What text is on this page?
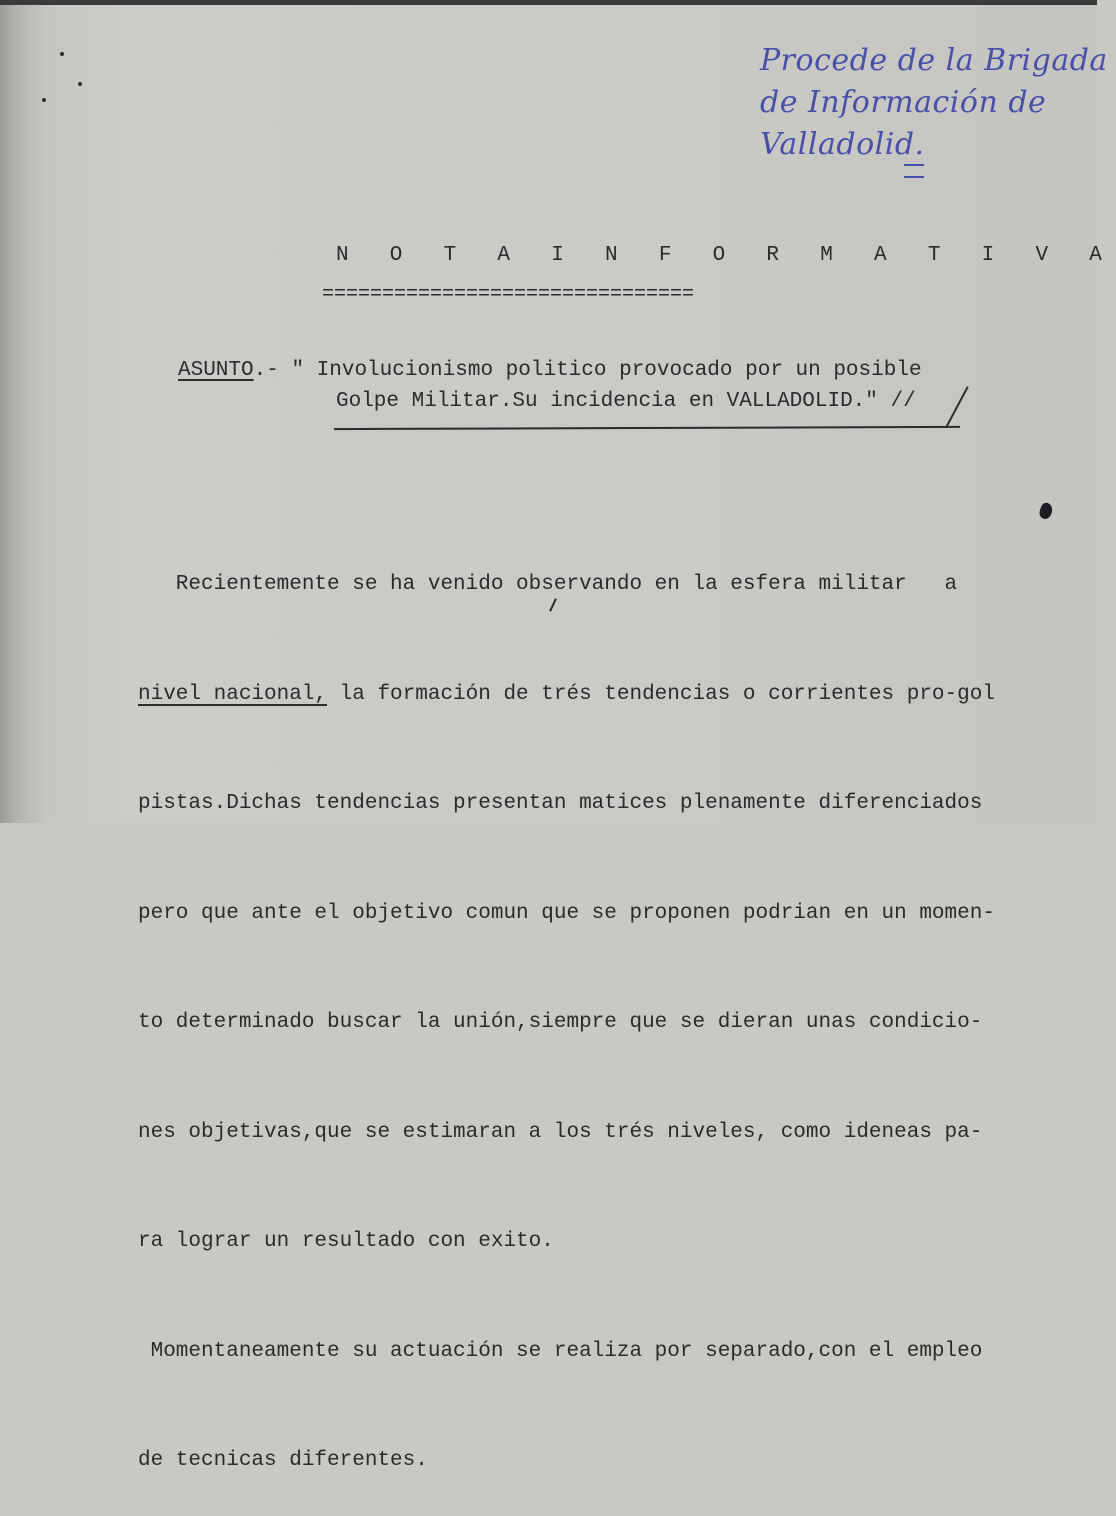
Procede de la Brigada
de Información de
Valladolid.
N O T A I N F O R M A T I V A
===============================
ASUNTO.- " Involucionismo politico provocado por un posible
Golpe Militar.Su incidencia en VALLADOLID." //

Recientemente se ha venido observando en la esfera militar   a

nivel nacional, la formación de trés tendencias o corrientes pro-gol

pistas.Dichas tendencias presentan matices plenamente diferenciados

pero que ante el objetivo comun que se proponen podrian en un momen-

to determinado buscar la unión,siempre que se dieran unas condicio-

nes objetivas,que se estimaran a los trés niveles, como ideneas pa-

ra lograr un resultado con exito.

Momentaneamente su actuación se realiza por separado,con el empleo

de tecnicas diferentes.
